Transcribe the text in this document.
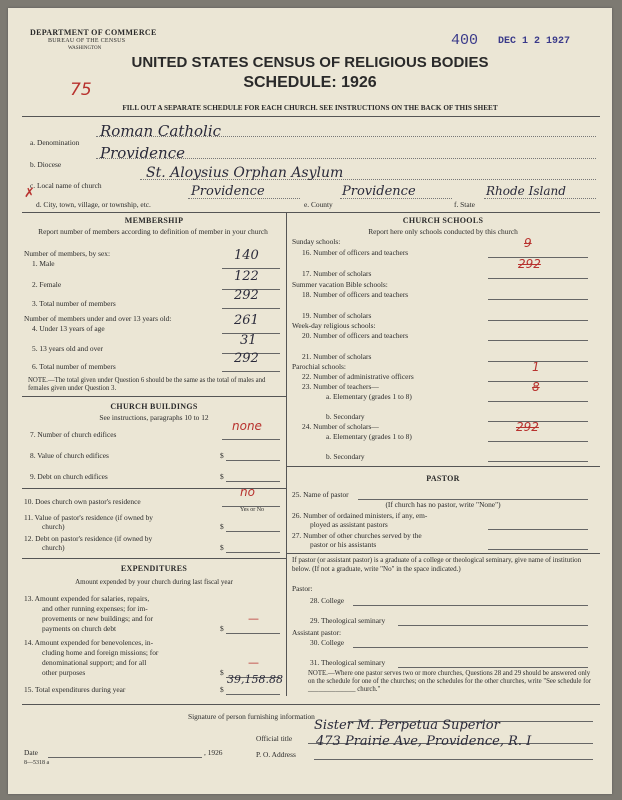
DEPARTMENT OF COMMERCE
BUREAU OF THE CENSUS
WASHINGTON	400 DEC 1 2 1927
UNITED STATES CENSUS OF RELIGIOUS BODIES
SCHEDULE: 1926
75
FILL OUT A SEPARATE SCHEDULE FOR EACH CHURCH. SEE INSTRUCTIONS ON THE BACK OF THIS SHEET
a. Denomination
Roman Catholic
b. Diocese
Providence
c. Local name of church
St. Aloysius Orphan Asylum
✗
d. City, town, village, or township, etc.
Providence
e. County
Providence
f. State
Rhode Island
MEMBERSHIP
Report number of members according to definition of member in your church
Number of members, by sex:
1. Male
140
2. Female
122
3. Total number of members
292
Number of members under and over 13 years old:
4. Under 13 years of age
261
5. 13 years old and over
31
6. Total number of members
292
NOTE.—The total given under Question 6 should be the same as the total of males and females given under Question 3.
CHURCH BUILDINGS
See instructions, paragraphs 10 to 12
7. Number of church edifices
none
8. Value of church edifices	$
9. Debt on church edifices	$
10. Does church own pastor's residence
no
Yes or No
11. Value of pastor's residence (if owned by
church)	$
12. Debt on pastor's residence (if owned by
church)	$
EXPENDITURES
Amount expended by your church during last fiscal year
13. Amount expended for salaries, repairs,
and other running expenses; for im-
provements or new buildings; and for
payments on church debt	$
—
14. Amount expended for benevolences, in-
cluding home and foreign missions; for
denominational support; and for all
other purposes	$
—
15. Total expenditures during year	$
39,158.88
CHURCH SCHOOLS
Report here only schools conducted by this church
Sunday schools:
16. Number of officers and teachers
9
17. Number of scholars
292
Summer vacation Bible schools:
18. Number of officers and teachers
19. Number of scholars
Week-day religious schools:
20. Number of officers and teachers
21. Number of scholars
Parochial schools:
22. Number of administrative officers
1
23. Number of teachers—
a. Elementary (grades 1 to 8)
8
b. Secondary
24. Number of scholars—
a. Elementary (grades 1 to 8)
292
b. Secondary
PASTOR
25. Name of pastor
(If church has no pastor, write "None")
26. Number of ordained ministers, if any, em-
ployed as assistant pastors
27. Number of other churches served by the
pastor or his assistants
If pastor (or assistant pastor) is a graduate of a college or theological seminary, give name of institution below. (If not a graduate, write "No" in the space indicated.)
Pastor:
28. College
29. Theological seminary
Assistant pastor:
30. College
31. Theological seminary
NOTE.—Where one pastor serves two or more churches, Questions 28 and 29 should be answered only on the schedule for one of the churches; on the schedules for the other churches, write "See schedule for ______________ church."
Signature of person furnishing information
Official title
Sister M. Perpetua Superior
Date	, 1926	P. O. Address
473 Prairie Ave, Providence, R. I
8—5318 a
